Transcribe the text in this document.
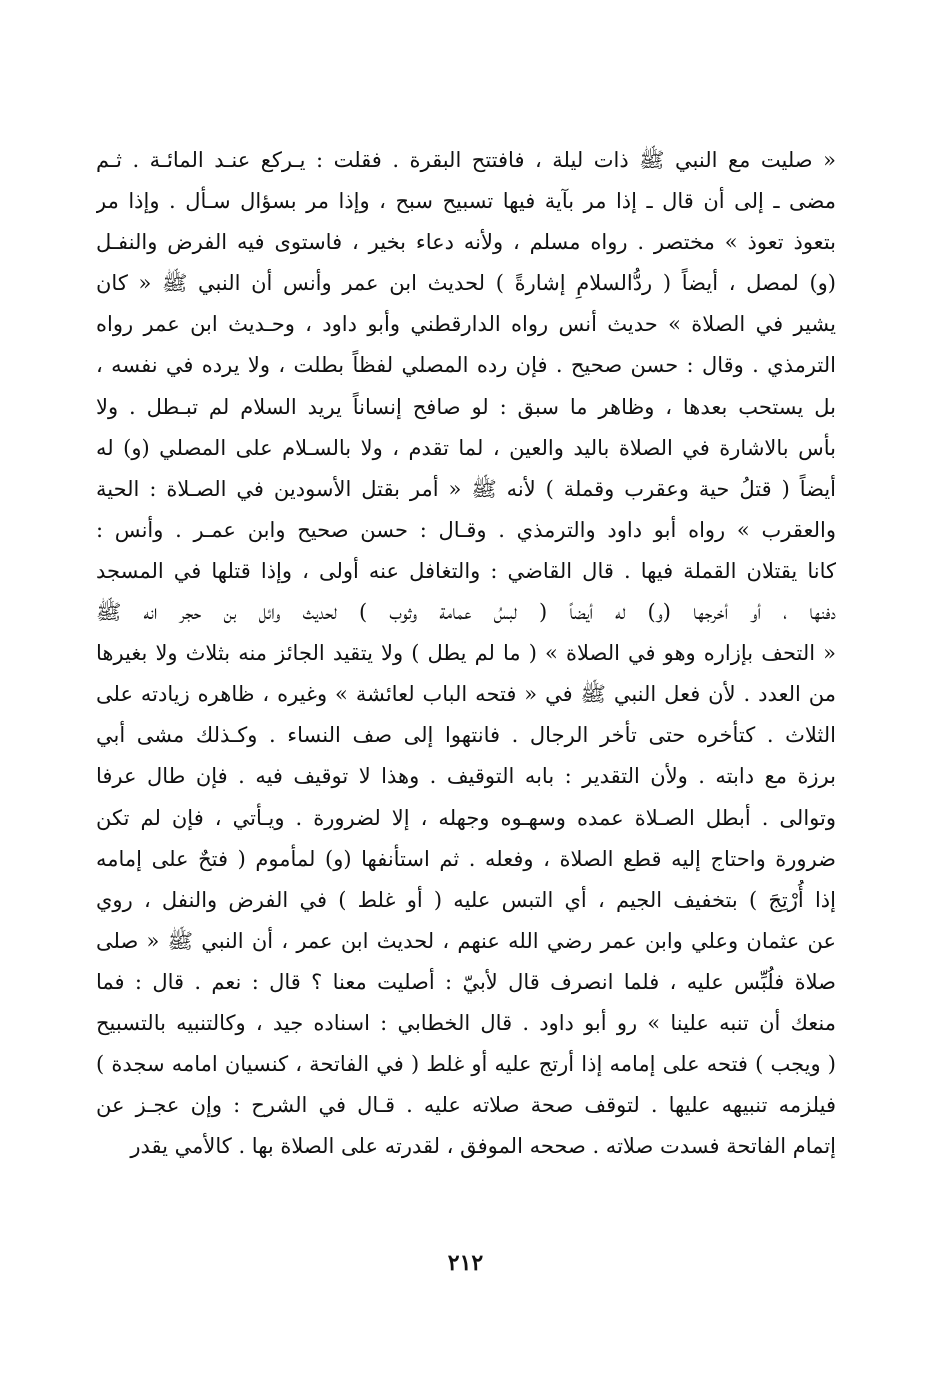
« صليت مع النبي ﷺ ذات ليلة ، فافتتح البقرة . فقلت : يـركع عنـد المائـة . ثـم
مضى ـ إلى أن قال ـ إذا مر بآية فيها تسبيح سبح ، وإذا مر بسؤال سـأل . وإذا مر
بتعوذ تعوذ » مختصر . رواه مسلم ، ولأنه دعاء بخير ، فاستوى فيه الفرض والنفـل
(و) لمصل ، أيضاً ( ردُّالسلامِ إشارةً ) لحديث ابن عمر وأنس أن النبي ﷺ « كان
يشير في الصلاة » حديث أنس رواه الدارقطني وأبو داود ، وحـديث ابن عمر رواه
الترمذي . وقال : حسن صحيح . فإن رده المصلي لفظاً بطلت ، ولا يرده في نفسه ،
بل يستحب بعدها ، وظاهر ما سبق : لو صافح إنساناً يريد السلام لم تبـطل . ولا
بأس بالاشارة في الصلاة باليد والعين ، لما تقدم ، ولا بالسـلام على المصلي (و) له
أيضاً ( قتلُ حية وعقرب وقملة ) لأنه ﷺ « أمر بقتل الأسودين في الصـلاة : الحية
والعقرب » رواه أبو داود والترمذي . وقـال : حسن صحيح وابن عمـر . وأنس :
كانا يقتلان القملة فيها . قال القاضي : والتغافل عنه أولى ، وإذا قتلها في المسجد
دفنها ، أو أخرجها (و) له أيضاً ( لبسُ عمامة وثوب ) لحديث وائل بن حجر انه ﷺ
« التحف بإزاره وهو في الصلاة » ( ما لم يطل ) ولا يتقيد الجائز منه بثلاث ولا بغيرها
من العدد . لأن فعل النبي ﷺ في « فتحه الباب لعائشة » وغيره ، ظاهره زيادته على
الثلاث . كتأخره حتى تأخر الرجال . فانتهوا إلى صف النساء . وكـذلك مشى أبي
برزة مع دابته . ولأن التقدير : بابه التوقيف . وهذا لا توقيف فيه . فإن طال عرفا
وتوالى . أبطل الصـلاة عمده وسهـوه وجهله ، إلا لضرورة . ويـأتي ، فإن لم تكن
ضرورة واحتاج إليه قطع الصلاة ، وفعله . ثم استأنفها (و) لمأموم ( فتحٌ على إمامه
إذا أُرْتِجَ ) بتخفيف الجيم ، أي التبس عليه ( أو غلط ) في الفرض والنفل ، روي
عن عثمان وعلي وابن عمر رضي الله عنهم ، لحديث ابن عمر ، أن النبي ﷺ « صلى
صلاة فلُبِّس عليه ، فلما انصرف قال لأبيّ : أصليت معنا ؟ قال : نعم . قال : فما
منعك أن تنبه علينا » رو أبو داود . قال الخطابي : اسناده جيد ، وكالتنبيه بالتسبيح
( ويجب ) فتحه على إمامه إذا أرتج عليه أو غلط ( في الفاتحة ، كنسيان امامه سجدة )
فيلزمه تنبيهه عليها . لتوقف صحة صلاته عليه . قـال في الشرح : وإن عجـز عن
إتمام الفاتحة فسدت صلاته . صححه الموفق ، لقدرته على الصلاة بها . كالأمي يقدر
٢١٢
